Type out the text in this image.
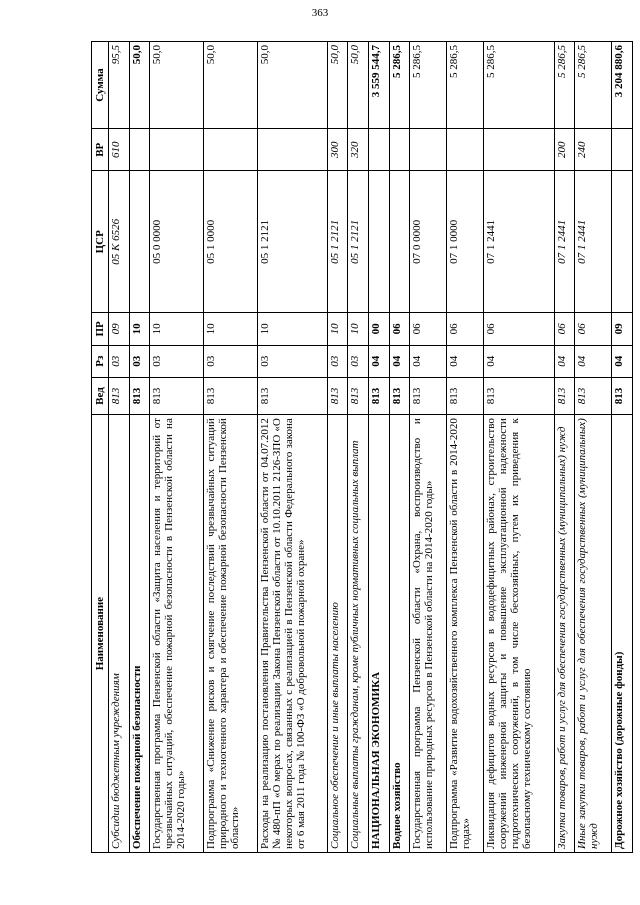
363
Наименование	Вед	Рз	ПР	ЦСР	ВР	Сумма
Субсидии бюджетным учреждениям	813	03	09	05 К 6526	610	95,5
Обеспечение пожарной безопасности	813	03	10			50,0
Государственная программа Пензенской области «Защита населения и территорий от чрезвычайных ситуаций, обеспечение пожарной безопасности в Пензенской области на 2014-2020 годы»	813	03	10	05 0 0000		50,0
Подпрограмма «Снижение рисков и смягчение последствий чрезвычайных ситуаций природного и техногенного характера и обеспечение пожарной безопасности Пензенской области»	813	03	10	05 1 0000		50,0
Расходы на реализацию постановления Правительства Пензенской области от 04.07.2012 № 480-пП «О мерах по реализации Закона Пензенской области от 10.10.2011 2126-ЗПО «О некоторых вопросах, связанных с реализацией в Пензенской области Федерального закона от 6 мая 2011 года № 100-ФЗ «О добровольной пожарной охране»	813	03	10	05 1 2121		50,0
Социальное обеспечение и иные выплаты населению	813	03	10	05 1 2121	300	50,0
Социальные выплаты гражданам, кроме публичных нормативных социальных выплат	813	03	10	05 1 2121	320	50,0
НАЦИОНАЛЬНАЯ ЭКОНОМИКА	813	04	00			3 559 544,7
Водное хозяйство	813	04	06			5 286,5
Государственная программа Пензенской области «Охрана, воспроизводство и использование природных ресурсов в Пензенской области на 2014-2020 годы»	813	04	06	07 0 0000		5 286,5
Подпрограмма «Развитие водохозяйственного комплекса Пензенской области в 2014-2020 годах»	813	04	06	07 1 0000		5 286,5
Ликвидация дефицитов водных ресурсов в вододефицитных районах, строительство сооружений инженерной защиты и повышение эксплуатационной надежности гидротехнических сооружений, в том числе бесхозяйных, путем их приведения к безопасному техническому состоянию	813	04	06	07 1 2441		5 286,5
Закупка товаров, работ и услуг для обеспечения государственных (муниципальных) нужд	813	04	06	07 1 2441	200	5 286,5
Иные закупки товаров, работ и услуг для обеспечения государственных (муниципальных) нужд	813	04	06	07 1 2441	240	5 286,5
Дорожное хозяйство (дорожные фонды)	813	04	09			3 204 880,6
